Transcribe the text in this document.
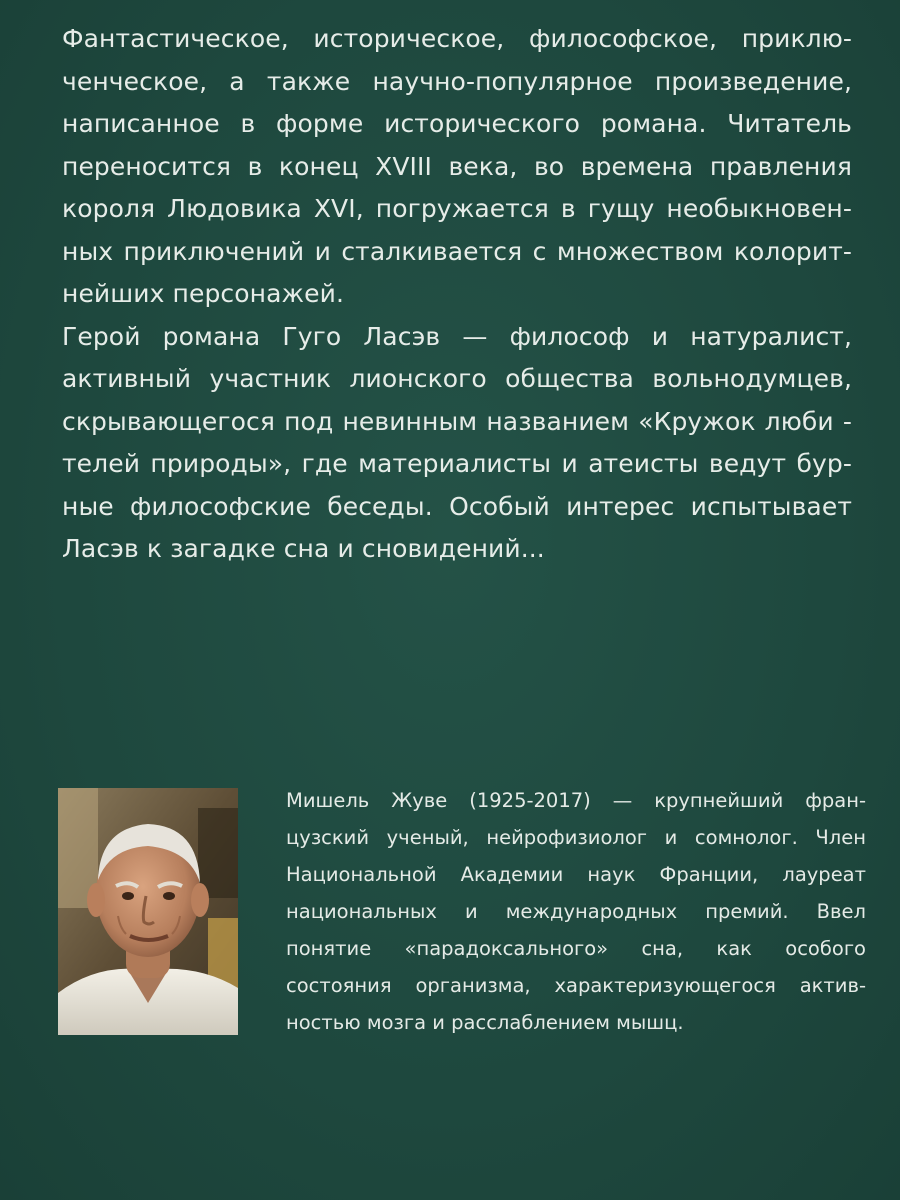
Фантастическое, историческое, философское, приклю-
ченческое, а также научно-популярное произведение,
написанное в форме исторического романа. Читатель
переносится в конец XVIII века, во времена правления
короля Людовика XVI, погружается в гущу необыкновен-
ных приключений и сталкивается с множеством колорит-
нейших персонажей.
Герой романа Гуго Ласэв — философ и натуралист,
активный участник лионского общества вольнодумцев,
скрывающегося под невинным названием «Кружок люби -
телей природы», где материалисты и атеисты ведут бур-
ные философские беседы. Особый интерес испытывает
Ласэв к загадке сна и сновидений...
Мишель Жуве (1925-2017) — крупнейший фран-
цузский ученый, нейрофизиолог и сомнолог. Член
Национальной Академии наук Франции, лауреат
национальных и международных премий. Ввел
понятие «парадоксального» сна, как особого
состояния организма, характеризующегося актив-
ностью мозга и расслаблением мышц.
